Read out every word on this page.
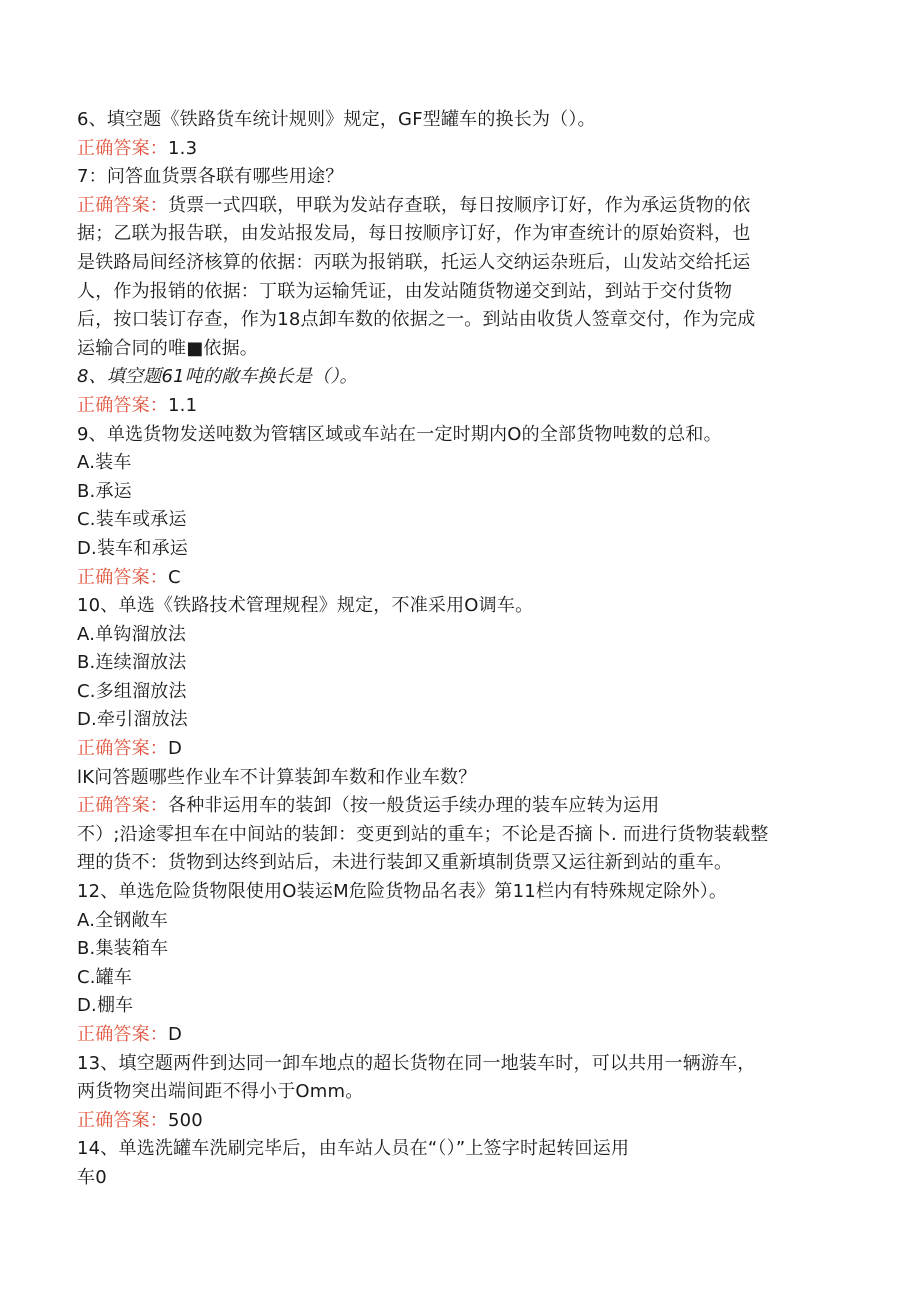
6、填空题《铁路货车统计规则》规定，GF型罐车的换长为（）。
正确答案：1.3
7：问答血货票各联有哪些用途？
正确答案：货票一式四联，甲联为发站存查联，每日按顺序订好，作为承运货物的依
据；乙联为报告联，由发站报发局，每日按顺序订好，作为审查统计的原始资料，也
是铁路局间经济核算的依据：丙联为报销联，托运人交纳运杂班后，山发站交给托运
人，作为报销的依据：丁联为运输凭证，由发站随货物递交到站，到站于交付货物
后，按口装订存查，作为18点卸车数的依据之一。到站由收货人签章交付，作为完成
运输合同的唯■依据。
8、填空题61吨的敞车换长是（）。
正确答案：1.1
9、单选货物发送吨数为管辖区域或车站在一定时期内O的全部货物吨数的总和。
A.装车
B.承运
C.装车或承运
D.装车和承运
正确答案：C
10、单选《铁路技术管理规程》规定，不准采用O调车。
A.单钩溜放法
B.连续溜放法
C.多组溜放法
D.牵引溜放法
正确答案：D
lK问答题哪些作业车不计算装卸车数和作业车数？
正确答案：各种非运用车的装卸（按一般货运手续办理的装车应转为运用
不）;沿途零担车在中间站的装卸：变更到站的重车；不论是否摘卜. 而进行货物装载整
理的货不：货物到达终到站后，未进行装卸又重新填制货票又运往新到站的重车。
12、单选危险货物限使用O装运M危险货物品名表》第11栏内有特殊规定除外）。
A.全钢敞车
B.集装箱车
C.罐车
D.棚车
正确答案：D
13、填空题两件到达同一卸车地点的超长货物在同一地装车时，可以共用一辆游车，
两货物突出端间距不得小于Omm。
正确答案：500
14、单选洗罐车洗刷完毕后，由车站人员在“（）”上签字时起转回运用
车0
